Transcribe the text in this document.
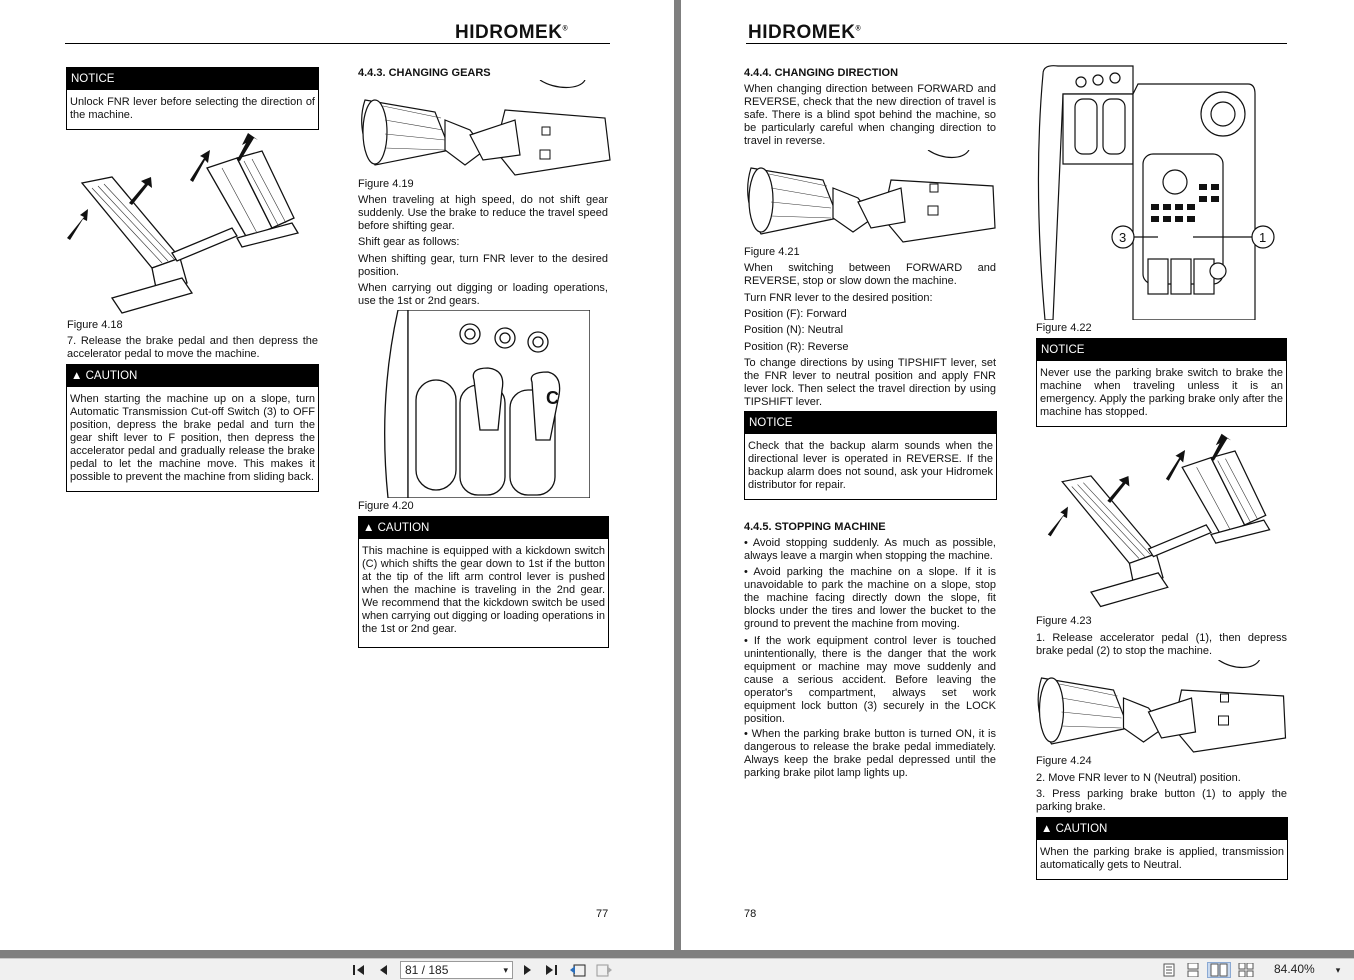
HIDROMEK®
NOTICE
Unlock FNR lever before selecting the direction of the machine.
Figure 4.18
7. Release the brake pedal and then depress the accelerator pedal to move the machine.
▲ CAUTION
When starting the machine up on a slope, turn Automatic Transmission Cut-off Switch (3) to OFF position, depress the brake pedal and turn the gear shift lever to F position, then depress the accelerator pedal and gradually release the brake pedal to let the machine move. This makes it possible to prevent the machine from sliding back.
4.4.3. CHANGING GEARS
Figure 4.19
When traveling at high speed, do not shift gear suddenly. Use the brake to reduce the travel speed before shifting gear.
Shift gear as follows:
When shifting gear, turn FNR lever to the desired position.
When carrying out digging or loading operations, use the 1st or 2nd gears.
C
Figure 4.20
▲ CAUTION
This machine is equipped with a kickdown switch (C) which shifts the gear down to 1st if the button at the tip of the lift arm control lever is pushed when the machine is traveling in the 2nd gear. We recommend that the kickdown switch be used when carrying out digging or loading operations in the 1st or 2nd gear.
77
HIDROMEK®
4.4.4. CHANGING DIRECTION
When changing direction between FORWARD and REVERSE, check that the new direction of travel is safe. There is a blind spot behind the machine, so be particularly careful when changing direction to travel in reverse.
Figure 4.21
When switching between FORWARD and REVERSE, stop or slow down the machine.
Turn FNR lever to the desired position:
Position (F): Forward
Position (N): Neutral
Position (R): Reverse
To change directions by using TIPSHIFT lever, set the FNR lever to neutral position and apply FNR lever lock. Then select the travel direction by using TIPSHIFT lever.
NOTICE
Check that the backup alarm sounds when the directional lever is operated in REVERSE. If the backup alarm does not sound, ask your Hidromek distributor for repair.
4.4.5. STOPPING MACHINE
• Avoid stopping suddenly. As much as possible, always leave a margin when stopping the machine.
• Avoid parking the machine on a slope. If it is unavoidable to park the machine on a slope, stop the machine facing directly down the slope, fit blocks under the tires and lower the bucket to the ground to prevent the machine from moving.
• If the work equipment control lever is touched unintentionally, there is the danger that the work equipment or machine may move suddenly and cause a serious accident. Before leaving the operator's compartment, always set work equipment lock button (3) securely in the LOCK position.
• When the parking brake button is turned ON, it is dangerous to release the brake pedal immediately. Always keep the brake pedal depressed until the parking brake pilot lamp lights up.
3	1
Figure 4.22
NOTICE
Never use the parking brake switch to brake the machine when traveling unless it is an emergency. Apply the parking brake only after the machine has stopped.
Figure 4.23
1. Release accelerator pedal (1), then depress brake pedal (2) to stop the machine.
Figure 4.24
2. Move FNR lever to N (Neutral) position.
3. Press parking brake button (1) to apply the parking brake.
▲ CAUTION
When the parking brake is applied, transmission automatically gets to Neutral.
78
81 / 185	▾	84.40%	▾
